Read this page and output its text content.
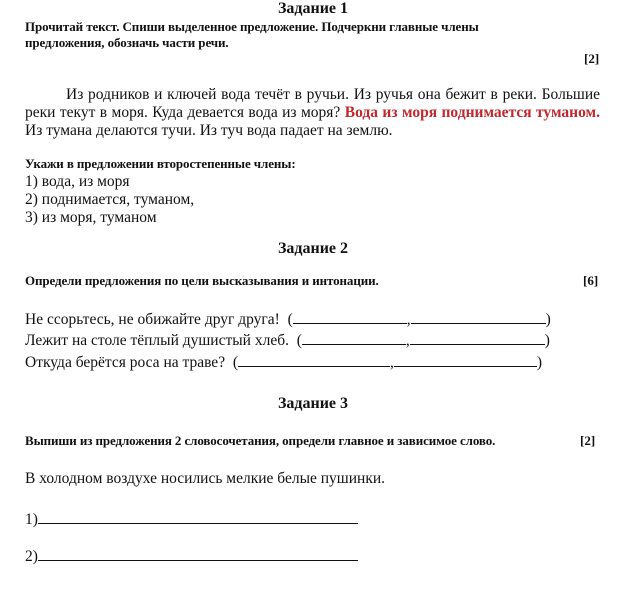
Задание 1
Прочитай текст. Спиши выделенное предложение. Подчеркни главные члены
предложения, обозначь части речи.
[2]
Из родников и ключей вода течёт в ручьи. Из ручья она бежит в реки. Большие реки текут в моря. Куда девается вода из моря? Вода из моря поднимается туманом. Из тумана делаются тучи. Из туч вода падает на землю.
Укажи в предложении второстепенные члены:
1) вода, из моря
2) поднимается, туманом,
3) из моря, туманом
Задание 2
Определи предложения по цели высказывания и интонации.	[6]
Не ссорьтесь, не обижайте друг друга!  (	,	)
Лежит на столе тёплый душистый хлеб.  (	,	)
Откуда берётся роса на траве?  (	,	)
Задание 3
Выпиши из предложения 2 словосочетания, определи главное и зависимое слово.	[2]
В холодном воздухе носились мелкие белые пушинки.
1)
2)
